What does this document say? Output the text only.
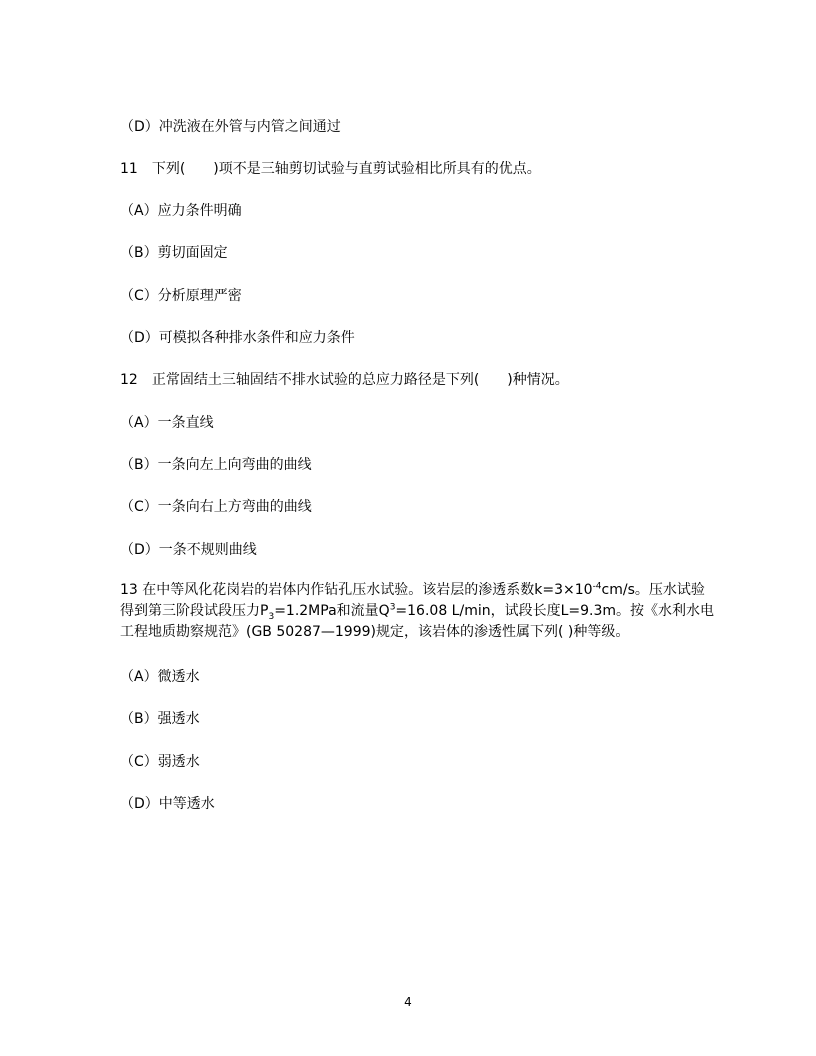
（D）冲洗液在外管与内管之间通过
11　下列(　　)项不是三轴剪切试验与直剪试验相比所具有的优点。
（A）应力条件明确
（B）剪切面固定
（C）分析原理严密
（D）可模拟各种排水条件和应力条件
12　正常固结土三轴固结不排水试验的总应力路径是下列(　　)种情况。
（A）一条直线
（B）一条向左上向弯曲的曲线
（C）一条向右上方弯曲的曲线
（D）一条不规则曲线
13 在中等风化花岗岩的岩体内作钻孔压水试验。该岩层的渗透系数$k=3\times 10^{-4}cm/s$。压水试验
得到第三阶段试段压力$P_3=1.2MPa$和流量$Q^3=16.08$ L/min，试段长度L=9.3m。按《水利水电
工程地质勘察规范》(GB 50287—1999)规定，该岩体的渗透性属下列( )种等级。
（A）微透水
（B）强透水
（C）弱透水
（D）中等透水
4
